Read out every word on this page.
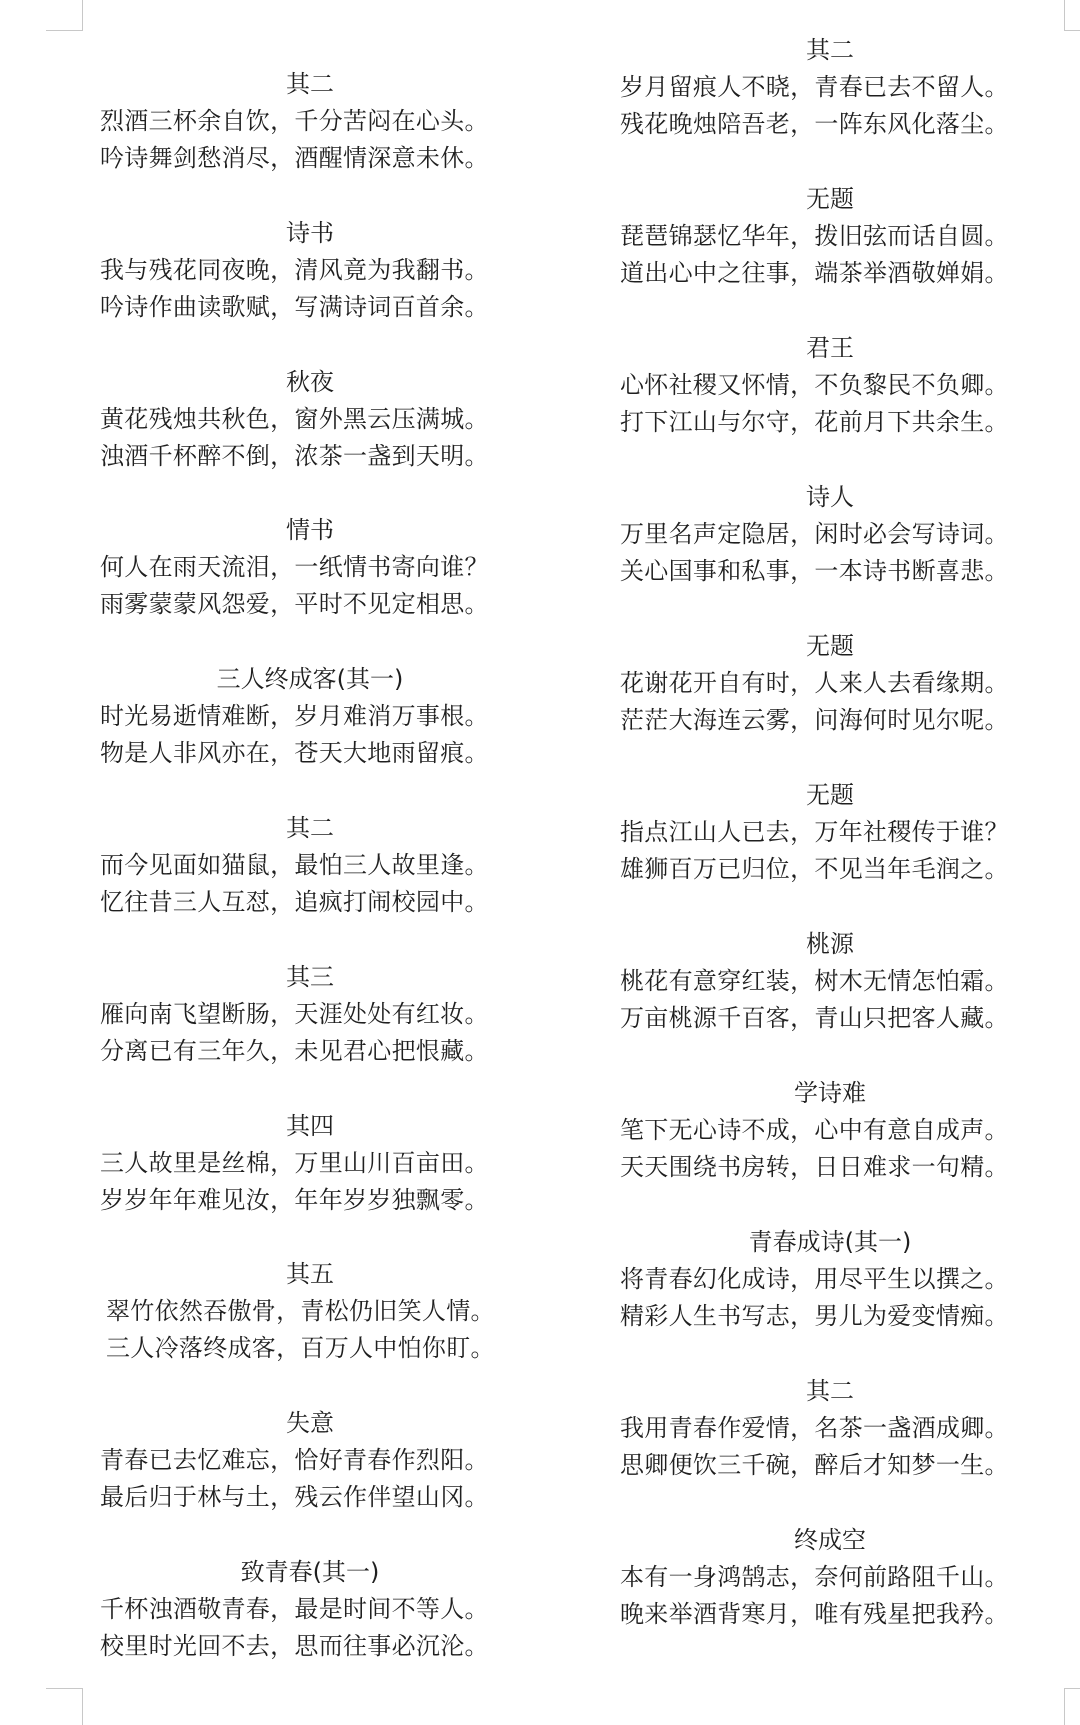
其二
烈酒三杯余自饮，千分苦闷在心头。
吟诗舞剑愁消尽，酒醒情深意未休。
诗书
我与残花同夜晚，清风竟为我翻书。
吟诗作曲读歌赋，写满诗词百首余。
秋夜
黄花残烛共秋色，窗外黑云压满城。
浊酒千杯醉不倒，浓茶一盏到天明。
情书
何人在雨天流泪，一纸情书寄向谁？
雨雾蒙蒙风怨爱，平时不见定相思。
三人终成客(其一)
时光易逝情难断，岁月难消万事根。
物是人非风亦在，苍天大地雨留痕。
其二
而今见面如猫鼠，最怕三人故里逢。
忆往昔三人互怼，追疯打闹校园中。
其三
雁向南飞望断肠，天涯处处有红妆。
分离已有三年久，未见君心把恨藏。
其四
三人故里是丝棉，万里山川百亩田。
岁岁年年难见汝，年年岁岁独飘零。
其五
翠竹依然吞傲骨，青松仍旧笑人情。
三人冷落终成客，百万人中怕你盯。
失意
青春已去忆难忘，恰好青春作烈阳。
最后归于林与土，残云作伴望山冈。
致青春(其一)
千杯浊酒敬青春，最是时间不等人。
校里时光回不去，思而往事必沉沦。
其二
岁月留痕人不晓，青春已去不留人。
残花晚烛陪吾老，一阵东风化落尘。
无题
琵琶锦瑟忆华年，拨旧弦而话自圆。
道出心中之往事，端茶举酒敬婵娟。
君王
心怀社稷又怀情，不负黎民不负卿。
打下江山与尔守，花前月下共余生。
诗人
万里名声定隐居，闲时必会写诗词。
关心国事和私事，一本诗书断喜悲。
无题
花谢花开自有时，人来人去看缘期。
茫茫大海连云雾，问海何时见尔呢。
无题
指点江山人已去，万年社稷传于谁？
雄狮百万已归位，不见当年毛润之。
桃源
桃花有意穿红装，树木无情怎怕霜。
万亩桃源千百客，青山只把客人藏。
学诗难
笔下无心诗不成，心中有意自成声。
天天围绕书房转，日日难求一句精。
青春成诗(其一)
将青春幻化成诗，用尽平生以撰之。
精彩人生书写志，男儿为爱变情痴。
其二
我用青春作爱情，名茶一盏酒成卿。
思卿便饮三千碗，醉后才知梦一生。
终成空
本有一身鸿鹄志，奈何前路阻千山。
晚来举酒背寒月，唯有残星把我矜。
